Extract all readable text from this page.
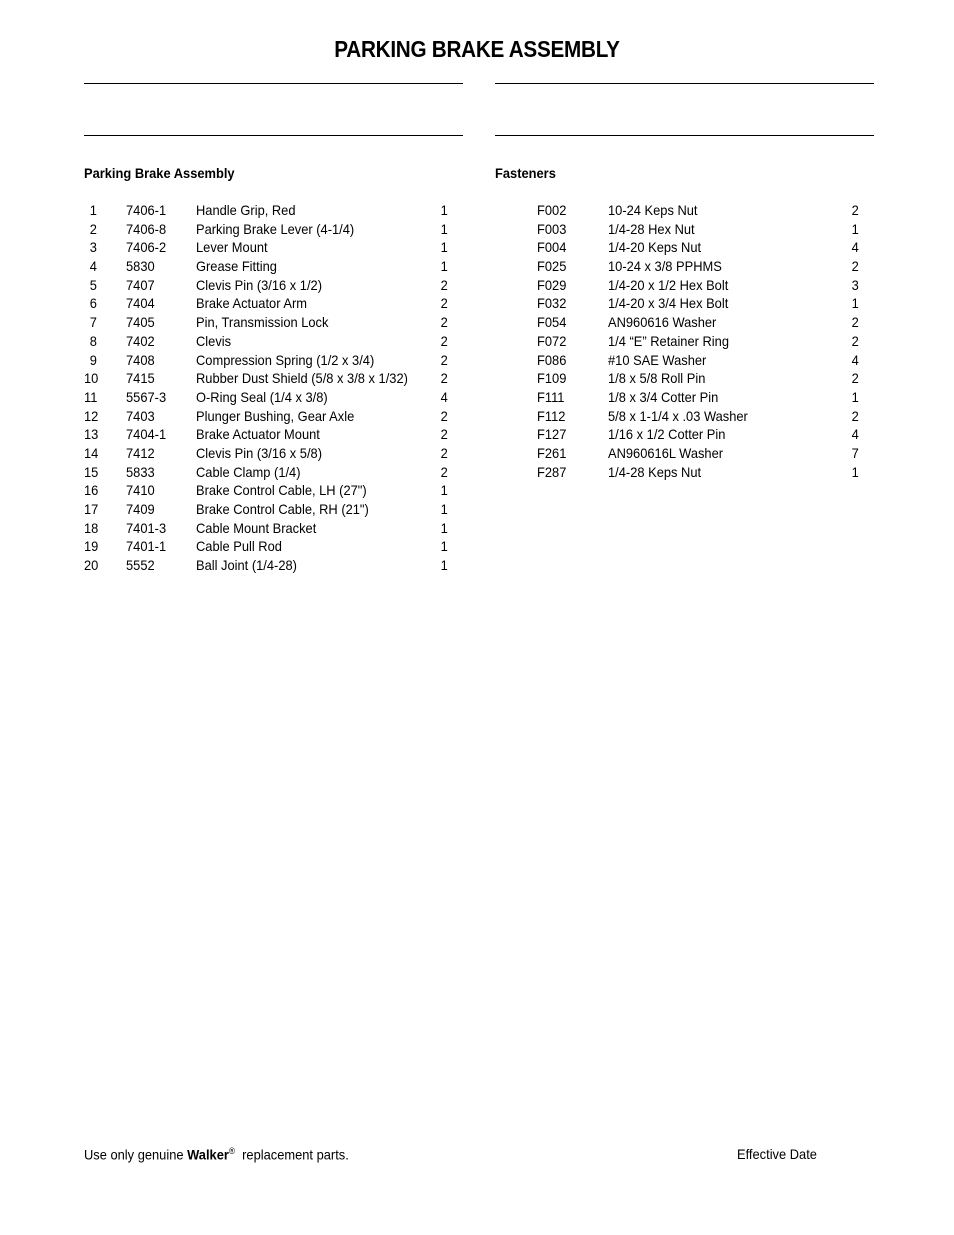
PARKING BRAKE ASSEMBLY
Parking Brake Assembly	Fasteners
1 7406-1 Handle Grip, Red	1
2 7406-8 Parking Brake Lever (4-1/4)	1
3 7406-2 Lever Mount	1
4 5830	Grease Fitting	1
5 7407	Clevis Pin (3/16 x 1/2)	2
6 7404	Brake Actuator Arm	2
7 7405	Pin, Transmission Lock	2
8 7402	Clevis	2
9 7408	Compression Spring (1/2 x 3/4)	2
10 7415	Rubber Dust Shield (5/8 x 3/8 x 1/32) 2
11 5567-3 O-Ring Seal (1/4 x 3/8)	4
12 7403	Plunger Bushing, Gear Axle	2
13 7404-1 Brake Actuator Mount	2
14 7412	Clevis Pin (3/16 x 5/8)	2
15 5833	Cable Clamp (1/4)	2
16 7410	Brake Control Cable, LH (27")	1
17 7409	Brake Control Cable, RH (21")	1
18 7401-3 Cable Mount Bracket	1
19 7401-1 Cable Pull Rod	1
20 5552	Ball Joint (1/4-28)	1
F002	10-24 Keps Nut	2
F003	1/4-28 Hex Nut	1
F004	1/4-20 Keps Nut	4
F025	10-24 x 3/8 PPHMS	2
F029	1/4-20 x 1/2 Hex Bolt	3
F032	1/4-20 x 3/4 Hex Bolt	1
F054	AN960616 Washer	2
F072	1/4 “E” Retainer Ring	2
F086	#10 SAE Washer	4
F109	1/8 x 5/8 Roll Pin	2
F111	1/8 x 3/4 Cotter Pin	1
F112	5/8 x 1-1/4 x .03 Washer	2
F127	1/16 x 1/2 Cotter Pin	4
F261	AN960616L Washer	7
F287	1/4-28 Keps Nut	1
Use only genuine Walker®  replacement parts.	Effective Date
